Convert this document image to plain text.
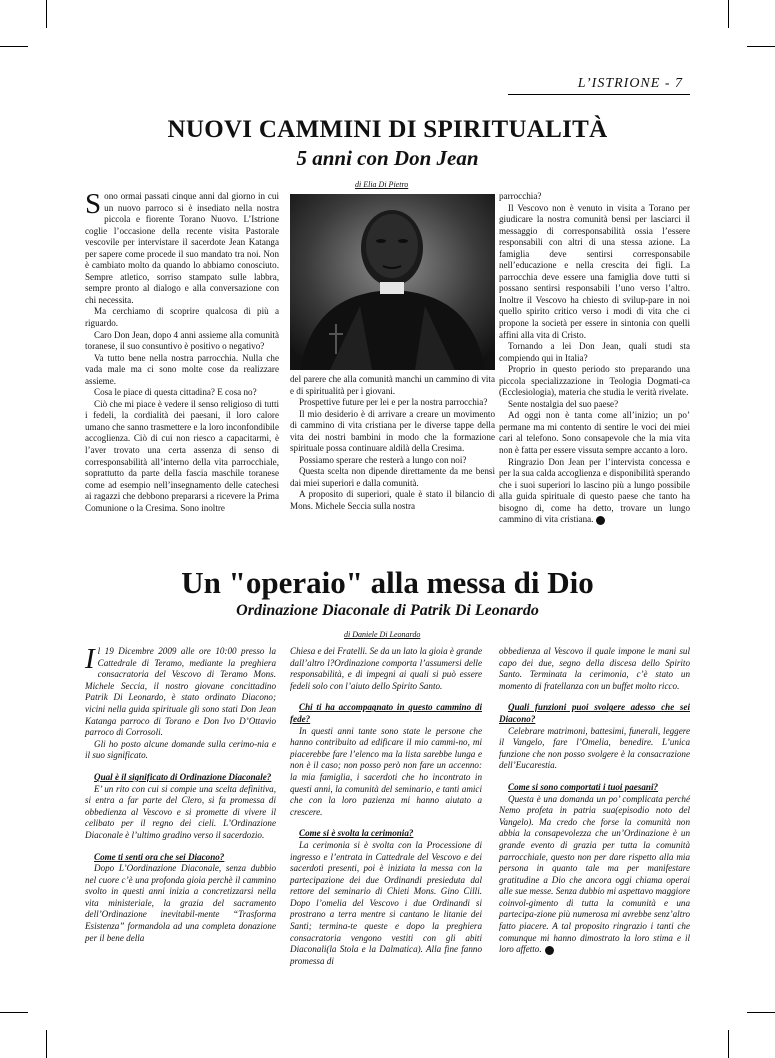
L’ISTRIONE - 7
NUOVI CAMMINI DI SPIRITUALITÀ
5 anni con Don Jean
di Elia Di Pietro

Sono ormai passati cinque anni dal giorno in cui un nuovo parroco si è insediato nella nostra piccola e fiorente Torano Nuovo. L’Istrione coglie l’occasione della recente visita Pastorale vescovile per intervistare il sacerdote Jean Katanga per sapere come procede il suo mandato tra noi. Non è cambiato molto da quando lo abbiamo conosciuto. Sempre atletico, sorriso stampato sulle labbra, sempre pronto al dialogo e alla conversazione con chi necessita.

Ma cerchiamo di scoprire qualcosa di più a riguardo.

Caro Don Jean, dopo 4 anni assieme alla comunità toranese, il suo consuntivo è positivo o negativo?

Va tutto bene nella nostra parrocchia. Nulla che vada male ma ci sono molte cose da realizzare assieme.

Cosa le piace di questa cittadina? E cosa no?

Ciò che mi piace è vedere il senso religioso di tutti i fedeli, la cordialità dei paesani, il loro calore umano che sanno trasmettere e la loro inconfondibile accoglienza. Ciò di cui non riesco a capacitarmi, è l’aver trovato una certa assenza di senso di corresponsabilità all’interno della vita parrocchiale, soprattutto da parte della fascia maschile toranese come ad esempio nell’insegnamento delle catechesi ai ragazzi che debbono prepararsi a ricevere la Prima Comunione o la Cresima. Sono inoltre

del parere che alla comunità manchi un cammino di vita e di spiritualità per i giovani.

Prospettive future per lei e per la nostra parrocchia?

Il mio desiderio è di arrivare a creare un movimento di cammino di vita cristiana per le diverse tappe della vita dei nostri bambini in modo che la formazione spirituale possa continuare aldilà della Cresima.

Possiamo sperare che resterà a lungo con noi?

Questa scelta non dipende direttamente da me bensì dai miei superiori e dalla comunità.

A proposito di superiori, quale è stato il bilancio di Mons. Michele Seccia sulla nostra

parrocchia?

Il Vescovo non è venuto in visita a Torano per giudicare la nostra comunità bensì per lasciarci il messaggio di corresponsabilità ossia l’essere responsabili con altri di una stessa azione. La famiglia deve sentirsi corresponsabile nell’educazione e nella crescita dei figli. La parrocchia deve essere una famiglia dove tutti si possano sentirsi responsabili l’uno verso l’altro. Inoltre il Vescovo ha chiesto di svilup-pare in noi quello spirito critico verso i modi di vita che ci propone la società per essere in sintonia con quelli affini alla vita di Cristo.

Tornando a lei Don Jean, quali studi sta compiendo qui in Italia?

Proprio in questo periodo sto preparando una piccola specializzazione in Teologia Dogmati-ca (Ecclesiologia), materia che studia le verità rivelate.

Sente nostalgia del suo paese?

Ad oggi non è tanta come all’inizio; un po’ permane ma mi contento di sentire le voci dei miei cari al telefono. Sono consapevole che la mia vita non è fatta per essere vissuta sempre accanto a loro.

Ringrazio Don Jean per l’intervista concessa e per la sua calda accoglienza e disponibilità sperando che i suoi superiori lo lascino più a lungo possibile alla guida spirituale di questo paese che tanto ha bisogno di, come ha detto, trovare un lungo cammino di vita cristiana. L

Un "operaio" alla messa di Dio
Ordinazione Diaconale di Patrik Di Leonardo
di Daniele Di Leonardo

Il 19 Dicembre 2009 alle ore 10:00 presso la Cattedrale di Teramo, mediante la preghiera consacratoria del Vescovo di Teramo Mons. Michele Seccia, il nostro giovane concittadino Patrik Di Leonardo, è stato ordinato Diacono; vicini nella guida spirituale gli sono stati Don Jean Katanga parroco di Torano e Don Ivo D’Ottavio parroco di Corrosoli.

Gli ho posto alcune domande sulla cerimo-nia e il suo significato.

Qual è il significato di Ordinazione Diaconale?

E’ un rito con cui si compie una scelta definitiva, si entra a far parte del Clero, si fa promessa di obbedienza al Vescovo e si promette di vivere il celibato per il regno dei cieli. L’Ordinazione Diaconale è l’ultimo gradino verso il sacerdozio.

Come ti senti ora che sei Diacono?

Dopo L’Oordinazione Diaconale, senza dubbio nel cuore c’è una profonda gioia perchè il cammino svolto in questi anni inizia a concretizzarsi nella vita ministeriale, la grazia del sacramento dell’Ordinazione inevitabil-mente “Trasforma Esistenza” formandola ad una completa donazione per il bene della

Chiesa e dei Fratelli. Se da un lato la gioia è grande dall’altro l?Ordinazione comporta l’assumersi delle responsabilità, e di impegni ai quali si può essere fedeli solo con l’aiuto dello Spirito Santo.

Chi ti ha accompagnato in questo cammino di fede?

In questi anni tante sono state le persone che hanno contribuito ad edificare il mio cammi-no, mi piacerebbe fare l’elenco ma la lista sarebbe lunga e non è il caso; non posso però non fare un accenno: la mia famiglia, i sacerdoti che ho incontrato in questi anni, la comunità del seminario, e tanti amici che con la loro pazienza mi hanno aiutato a crescere.

Come si è svolta la cerimonia?

La cerimonia si è svolta con la Processione di ingresso e l’entrata in Cattedrale del Vescovo e dei sacerdoti presenti, poi è iniziata la messa con la partecipazione dei due Ordinandi presieduta dal rettore del seminario di Chieti Mons. Gino Cilli. Dopo l’omelia del Vescovo i due Ordinandi si prostrano a terra mentre si cantano le litanie dei Santi; termina-te queste e dopo la preghiera consacratoria vengono vestiti con gli abiti Diaconali(la Stola e la Dalmatica). Alla fine fanno promessa di

obbedienza al Vescovo il quale impone le mani sul capo dei due, segno della discesa dello Spirito Santo. Terminata la cerimonia, c’è stato un momento di fratellanza con un buffet molto ricco.

Quali funzioni puoi svolgere adesso che sei Diacono?

Celebrare matrimoni, battesimi, funerali, leggere il Vangelo, fare l’Omelia, benedire. L’unica funzione che non posso svolgere è la consacrazione dell’Eucarestia.

Come si sono comportati i tuoi paesani?

Questa è una domanda un po’ complicata perché Nemo profeta in patria sua(episodio noto del Vangelo). Ma credo che forse la comunità non abbia la consapevolezza che un’Ordinazione è un grande evento di grazia per tutta la comunità parrocchiale, questo non per dare rispetto alla mia persona in quanto tale ma per manifestare gratitudine a Dio che ancora oggi chiama operai alle sue messe. Senza dubbio mi aspettavo maggiore coinvol-gimento di tutta la comunità e una partecipa-zione più numerosa mi avrebbe senz’altro fatto piacere. A tal proposito ringrazio i tanti che comunque mi hanno dimostrato la loro stima e il loro affetto. L
